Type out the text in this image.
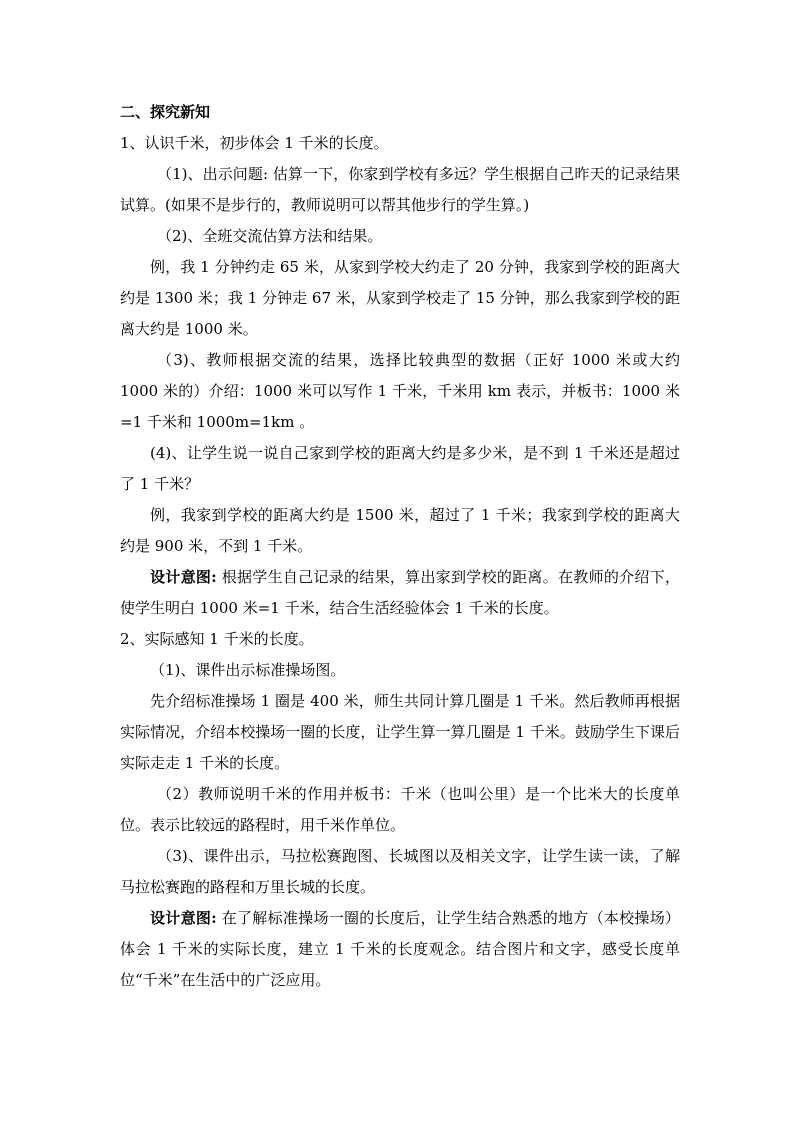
二、探究新知

1、认识千米，初步体会 1 千米的长度。

（1)、出示问题: 估算一下，你家到学校有多远？学生根据自己昨天的记录结果试算。(如果不是步行的，教师说明可以帮其他步行的学生算。)

（2)、全班交流估算方法和结果。

例，我 1 分钟约走 65 米，从家到学校大约走了 20 分钟，我家到学校的距离大约是 1300 米；我 1 分钟走 67 米，从家到学校走了 15 分钟，那么我家到学校的距离大约是 1000 米。

（3)、教师根据交流的结果，选择比较典型的数据（正好 1000 米或大约 1000 米的）介绍：1000 米可以写作 1 千米，千米用 km 表示，并板书：1000 米=1 千米和 1000m=1km 。

(4)、让学生说一说自己家到学校的距离大约是多少米，是不到 1 千米还是超过了 1 千米？

例，我家到学校的距离大约是 1500 米，超过了 1 千米；我家到学校的距离大约是 900 米，不到 1 千米。

设计意图: 根据学生自己记录的结果，算出家到学校的距离。在教师的介绍下，使学生明白 1000 米=1 千米，结合生活经验体会 1 千米的长度。

2、实际感知 1 千米的长度。

（1)、课件出示标准操场图。

先介绍标准操场 1 圈是 400 米，师生共同计算几圈是 1 千米。然后教师再根据实际情况，介绍本校操场一圈的长度，让学生算一算几圈是 1 千米。鼓励学生下课后实际走走 1 千米的长度。

（2）教师说明千米的作用并板书：千米（也叫公里）是一个比米大的长度单位。表示比较远的路程时，用千米作单位。

（3)、课件出示，马拉松赛跑图、长城图以及相关文字，让学生读一读，了解马拉松赛跑的路程和万里长城的长度。

设计意图: 在了解标准操场一圈的长度后，让学生结合熟悉的地方（本校操场）体会 1 千米的实际长度，建立 1 千米的长度观念。结合图片和文字，感受长度单位“千米”在生活中的广泛应用。
